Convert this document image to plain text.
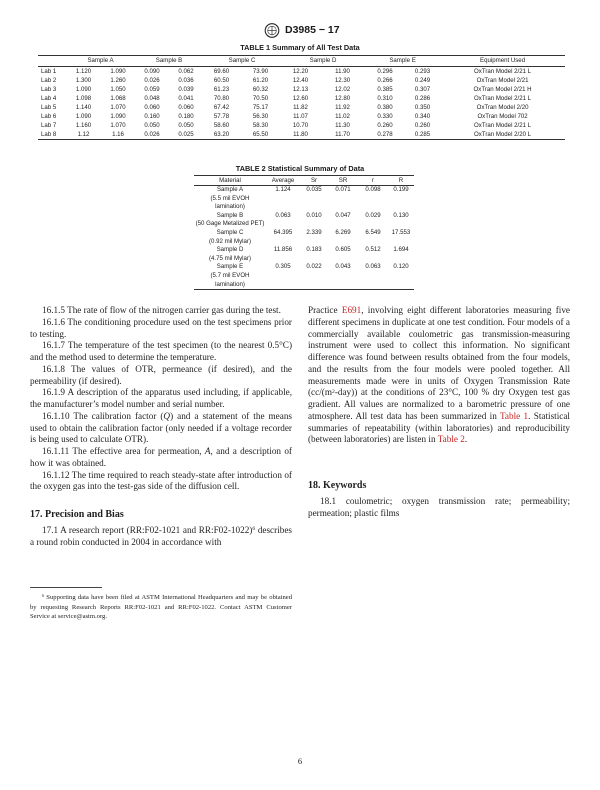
D3985 − 17
TABLE 1 Summary of All Test Data
	Sample A		Sample B		Sample C		Sample D		Sample E		Equipment Used
Lab 1	1.120	1.090	0.090	0.062	69.60	73.90	12.20	11.90	0.296	0.293	OxTran Model 2/21 L
Lab 2	1.300	1.260	0.026	0.036	60.50	61.20	12.40	12.30	0.266	0.249	OxTran Model 2/21
Lab 3	1.090	1.050	0.059	0.039	61.23	60.32	12.13	12.02	0.385	0.307	OxTran Model 2/21 H
Lab 4	1.098	1.068	0.048	0.041	70.80	70.50	12.60	12.80	0.310	0.286	OxTran Model 2/21 L
Lab 5	1.140	1.070	0.060	0.060	67.42	75.17	11.82	11.92	0.380	0.350	OxTran Model 2/20
Lab 6	1.090	1.090	0.160	0.180	57.78	56.30	11.07	11.02	0.330	0.340	OxTran Model 702
Lab 7	1.160	1.070	0.050	0.050	58.60	58.30	10.70	11.30	0.260	0.260	OxTran Model 2/21 L
Lab 8	1.12	1.16	0.026	0.025	63.20	65.50	11.80	11.70	0.278	0.285	OxTran Model 2/20 L
TABLE 2 Statistical Summary of Data
Material	Average	Sr	SR	r	R
Sample A
(5.5 mil EVOH
lamination)	1.124	0.035	0.071	0.098	0.199
Sample B
(50 Gage Metalized PET)	0.063	0.010	0.047	0.029	0.130
Sample C
(0.92 mil Mylar)	64.395	2.339	6.269	6.549	17.553
Sample D
(4.75 mil Mylar)	11.856	0.183	0.605	0.512	1.694
Sample E
(5.7 mil EVOH
lamination)	0.305	0.022	0.043	0.063	0.120

16.1.5 The rate of flow of the nitrogen carrier gas during the test.

16.1.6 The conditioning procedure used on the test specimens prior to testing.

16.1.7 The temperature of the test specimen (to the nearest 0.5°C) and the method used to determine the temperature.

16.1.8 The values of OTR, permeance (if desired), and the permeability (if desired).

16.1.9 A description of the apparatus used including, if applicable, the manufacturer’s model number and serial number.

16.1.10 The calibration factor (Q) and a statement of the means used to obtain the calibration factor (only needed if a voltage recorder is being used to calculate OTR).

16.1.11 The effective area for permeation, A, and a description of how it was obtained.

16.1.12 The time required to reach steady-state after introduction of the oxygen gas into the test-gas side of the diffusion cell.

17. Precision and Bias

17.1 A research report (RR:F02-1021 and RR:F02-1022)$^6$ describes a round robin conducted in 2004 in accordance with

$^6$ Supporting data have been filed at ASTM International Headquarters and may be obtained by requesting Research Reports RR:F02-1021 and RR:F02-1022. Contact ASTM Customer Service at service@astm.org.

Practice E691, involving eight different laboratories measuring five different specimens in duplicate at one test condition. Four models of a commercially available coulometric gas transmission-measuring instrument were used to collect this information. No significant difference was found between results obtained from the four models, and the results from the four models were pooled together. All measurements made were in units of Oxygen Transmission Rate $(cc/(m^2-day))$ at the conditions of 23°C, 100 % dry Oxygen test gas gradient. All values are normalized to a barometric pressure of one atmosphere. All test data has been summarized in Table 1. Statistical summaries of repeatability (within laboratories) and reproducibility (between laboratories) are listen in Table 2.

18. Keywords

18.1 coulometric; oxygen transmission rate; permeability; permeation; plastic films

6
